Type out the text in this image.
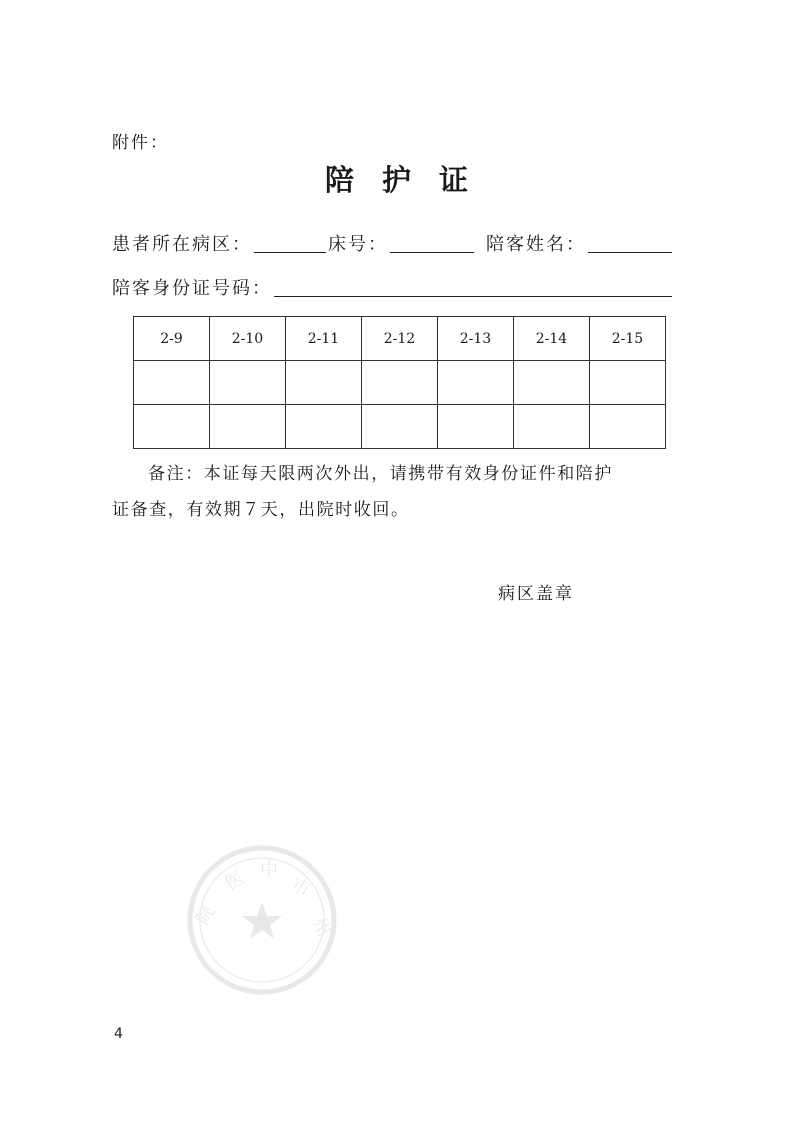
附件：
陪 护 证
患者所在病区：	床号：	陪客姓名：
陪客身份证号码：
2-9	2-10	2-11	2-12	2-13	2-14	2-15

备注：本证每天限两次外出，请携带有效身份证件和陪护

证备查，有效期７天，出院时收回。

病区盖章
医 中
市
州
院
4
